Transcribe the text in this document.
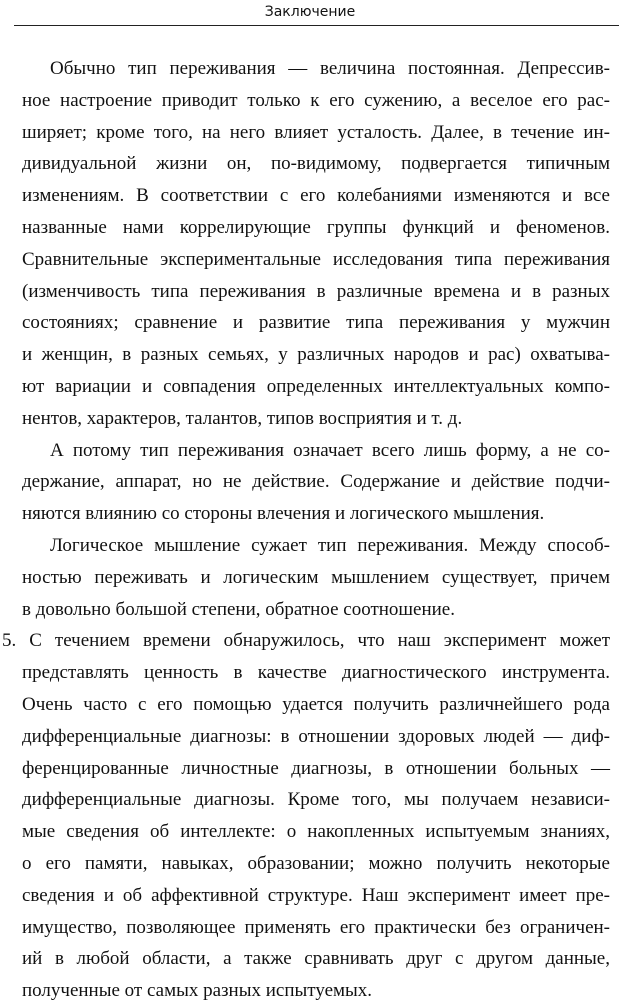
Заключение
Обычно тип переживания — величина постоянная. Депрессив-
ное настроение приводит только к его сужению, а веселое его рас-
ширяет; кроме того, на него влияет усталость. Далее, в течение ин-
дивидуальной жизни он, по-видимому, подвергается типичным
изменениям. В соответствии с его колебаниями изменяются и все
названные нами коррелирующие группы функций и феноменов.
Сравнительные экспериментальные исследования типа переживания
(изменчивость типа переживания в различные времена и в разных
состояниях; сравнение и развитие типа переживания у мужчин
и женщин, в разных семьях, у различных народов и рас) охватыва-
ют вариации и совпадения определенных интеллектуальных компо-
нентов, характеров, талантов, типов восприятия и т. д.
А потому тип переживания означает всего лишь форму, а не со-
держание, аппарат, но не действие. Содержание и действие подчи-
няются влиянию со стороны влечения и логического мышления.
Логическое мышление сужает тип переживания. Между способ-
ностью переживать и логическим мышлением существует, причем
в довольно большой степени, обратное соотношение.
5. С течением времени обнаружилось, что наш эксперимент может
представлять ценность в качестве диагностического инструмента.
Очень часто с его помощью удается получить различнейшего рода
дифференциальные диагнозы: в отношении здоровых людей — диф-
ференцированные личностные диагнозы, в отношении больных —
дифференциальные диагнозы. Кроме того, мы получаем независи-
мые сведения об интеллекте: о накопленных испытуемым знаниях,
о его памяти, навыках, образовании; можно получить некоторые
сведения и об аффективной структуре. Наш эксперимент имеет пре-
имущество, позволяющее применять его практически без ограничен-
ий в любой области, а также сравнивать друг с другом данные,
полученные от самых разных испытуемых.
